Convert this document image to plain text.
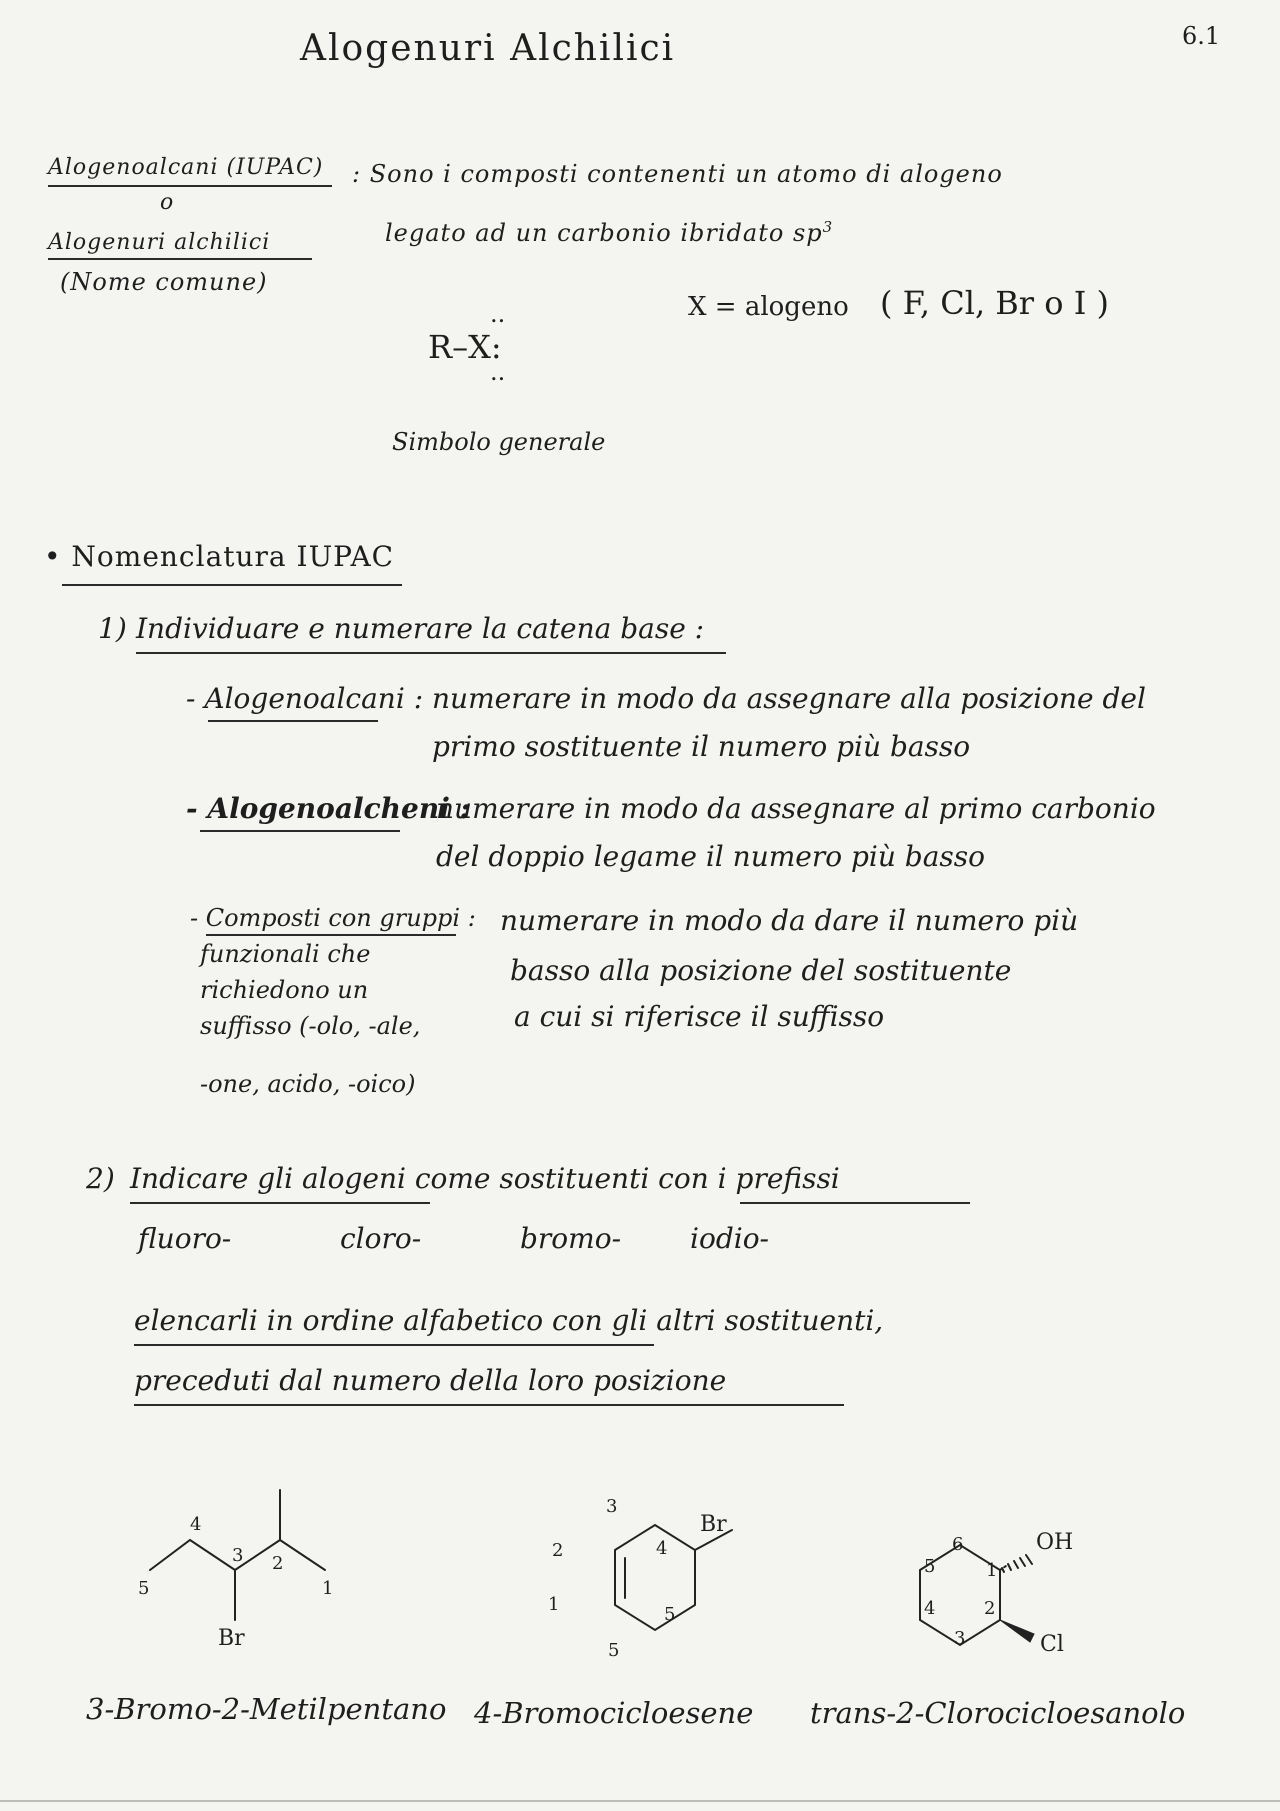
Alogenuri Alchilici	6.1
Alogenoalcani (IUPAC)
o
Alogenuri alchilici
(Nome comune)
: Sono i composti contenenti un atomo di alogeno
legato ad un carbonio ibridato $sp^3$
X = alogeno ( F, Cl, Br o I )
R–X:
..
..
Simbolo generale
• Nomenclatura IUPAC
1) Individuare e numerare la catena base :
- Alogenoalcani : numerare in modo da assegnare alla posizione del
primo sostituente il numero più basso
- Alogenoalcheni :
numerare in modo da assegnare al primo carbonio
del doppio legame il numero più basso
- Composti con gruppi :
funzionali che
richiedono un
suffisso (-olo, -ale,
-one, acido, -oico)
numerare in modo da dare il numero più
basso alla posizione del sostituente
a cui si riferisce il suffisso
2) Indicare gli alogeni come sostituenti con i prefissi
fluoro-	cloro-	bromo- iodio-
elencarli in ordine alfabetico con gli altri sostituenti,
preceduti dal numero della loro posizione
4
3 2
1
5
Br
3-Bromo-2-Metilpentano
3
2
1
4
5
5
Br
4-Bromocicloesene
6
5
4
3
2
1
OH
Cl
trans-2-Clorocicloesanolo
